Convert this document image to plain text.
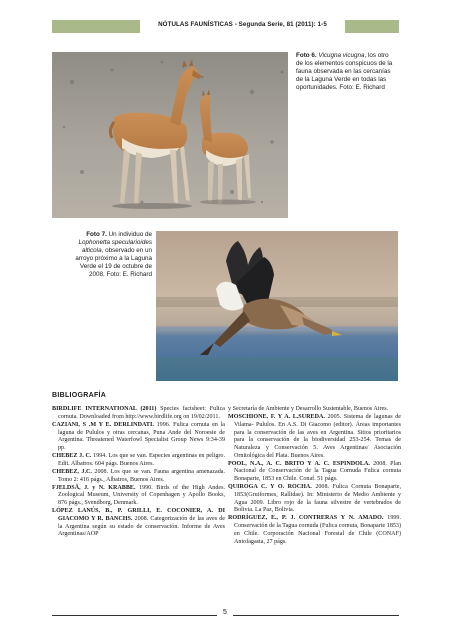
NÓTULAS FAUNÍSTICAS - Segunda Serie, 81 (2011): 1-5
Foto 6. Vicugna vicugna, los otro de los elementos conspicuos de la fauna observada en las cercanías de la Laguna Verde en todas las oportunidades. Foto: E. Richard
Foto 7. Un individuo de Lophonetta specularioides alticola, observado en un arroyo próximo a la Laguna Verde el 19 de octubre de 2008. Foto: E. Richard
BIBLIOGRAFÍA

BIRDLIFE INTERNATIONAL (2011) Species factsheet: Fulica cornuta. Downloaded from http://www.birdlife.org on 19/02/2011.

CAZIANI, S .M Y E. DERLINDATI. 1996. Fulica cornuta en la laguna de Pululos y otras cercanas, Puna Ande del Noroeste de Argentina. Threatened Waterfowl Specialist Group News 9:34-39 pp.

CHEBEZ J. C. 1994. Los que se van. Especies argentinas en peligro. Edit. Albatros. 604 págs. Buenos Aires.

CHEBEZ, J.C. 2008. Los que se van. Fauna argentina amenazada. Tomo 2: 416 págs., Albatros, Buenos Aires.

FJELDSÅ, J. y N. KRABBE. 1990. Birds of the High Andes. Zoological Museum, University of Copenhagen y Apollo Books, 876 págs., Svendborg, Denmark.

LÓPEZ LANÚS, B., P. GRILLI, E. COCONIER, A. DI GIACOMO Y R. BANCHS. 2008. Categorización de las aves de la Argentina según su estado de conservación. Informe de Aves Argentinas/AOP

y Secretaría de Ambiente y Desarrollo Sustentable, Buenos Aires.

MOSCHIONE, F. Y A. L.SUREDA. 2005. Sistema de lagunas de Vilama- Pululos. En A.S. Di Giacomo (editor). Áreas importantes para la conservación de las aves en Argentina. Sitios prioritarios para la conservación de la biodiversidad 253-254. Temas de Naturaleza y Conservación 5. Aves Argentinas/ Asociación Ornitológica del Plata. Buenos Aires.

POOL, N.A., A. C. BRITO Y A. C. ESPINDOLA. 2008. Plan Nacional de Conservación de la Tagua Cornuda Fulica cornuta Bonaparte, 1853 en Chile. Conaf. 51 págs.

QUIROGA C. Y O. ROCHA. 2008. Fulica Cornuta Bonaparte, 1853(Gruiformes, Rallidae). In: Ministerio de Medio Ambiente y Agua 2009. Libro rojo de la fauna silvestre de vertebrados de Bolivia. La Paz, Bolivia.

RODRÍGUEZ, E., P. J. CONTRERAS Y N. AMADO. 1999. Conservación de la Tagua cornuda (Fulica cornuta, Bonaparte 1853) en Chile. Corporación Nacional Forestal de Chile (CONAF) Antofagasta, 27 págs.

5
